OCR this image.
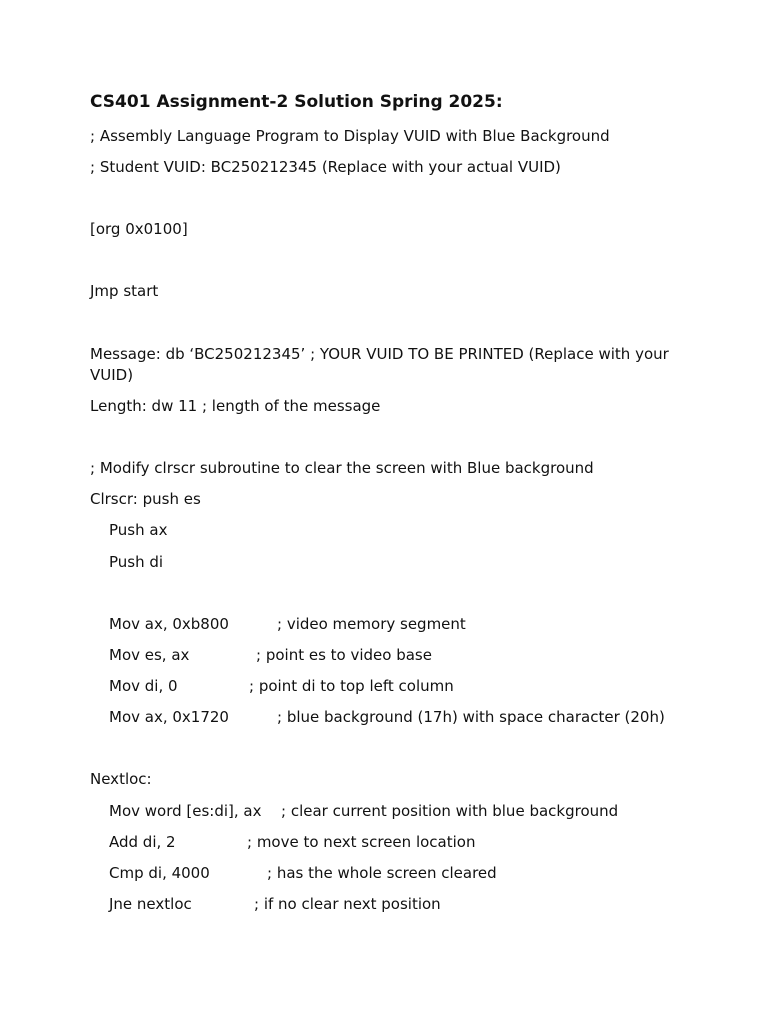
CS401 Assignment-2 Solution Spring 2025:

; Assembly Language Program to Display VUID with Blue Background

; Student VUID: BC250212345 (Replace with your actual VUID)

[org 0x0100]

Jmp start

Message: db ‘BC250212345’ ; YOUR VUID TO BE PRINTED (Replace with your VUID)

Length: dw 11 ; length of the message

; Modify clrscr subroutine to clear the screen with Blue background

Clrscr: push es

Push ax

Push di

Mov ax, 0xb800	; video memory segment

Mov es, ax	; point es to video base

Mov di, 0	; point di to top left column

Mov ax, 0x1720	; blue background (17h) with space character (20h)

Nextloc:

Mov word [es:di], ax ; clear current position with blue background

Add di, 2	; move to next screen location

Cmp di, 4000	; has the whole screen cleared

Jne nextloc	; if no clear next position
